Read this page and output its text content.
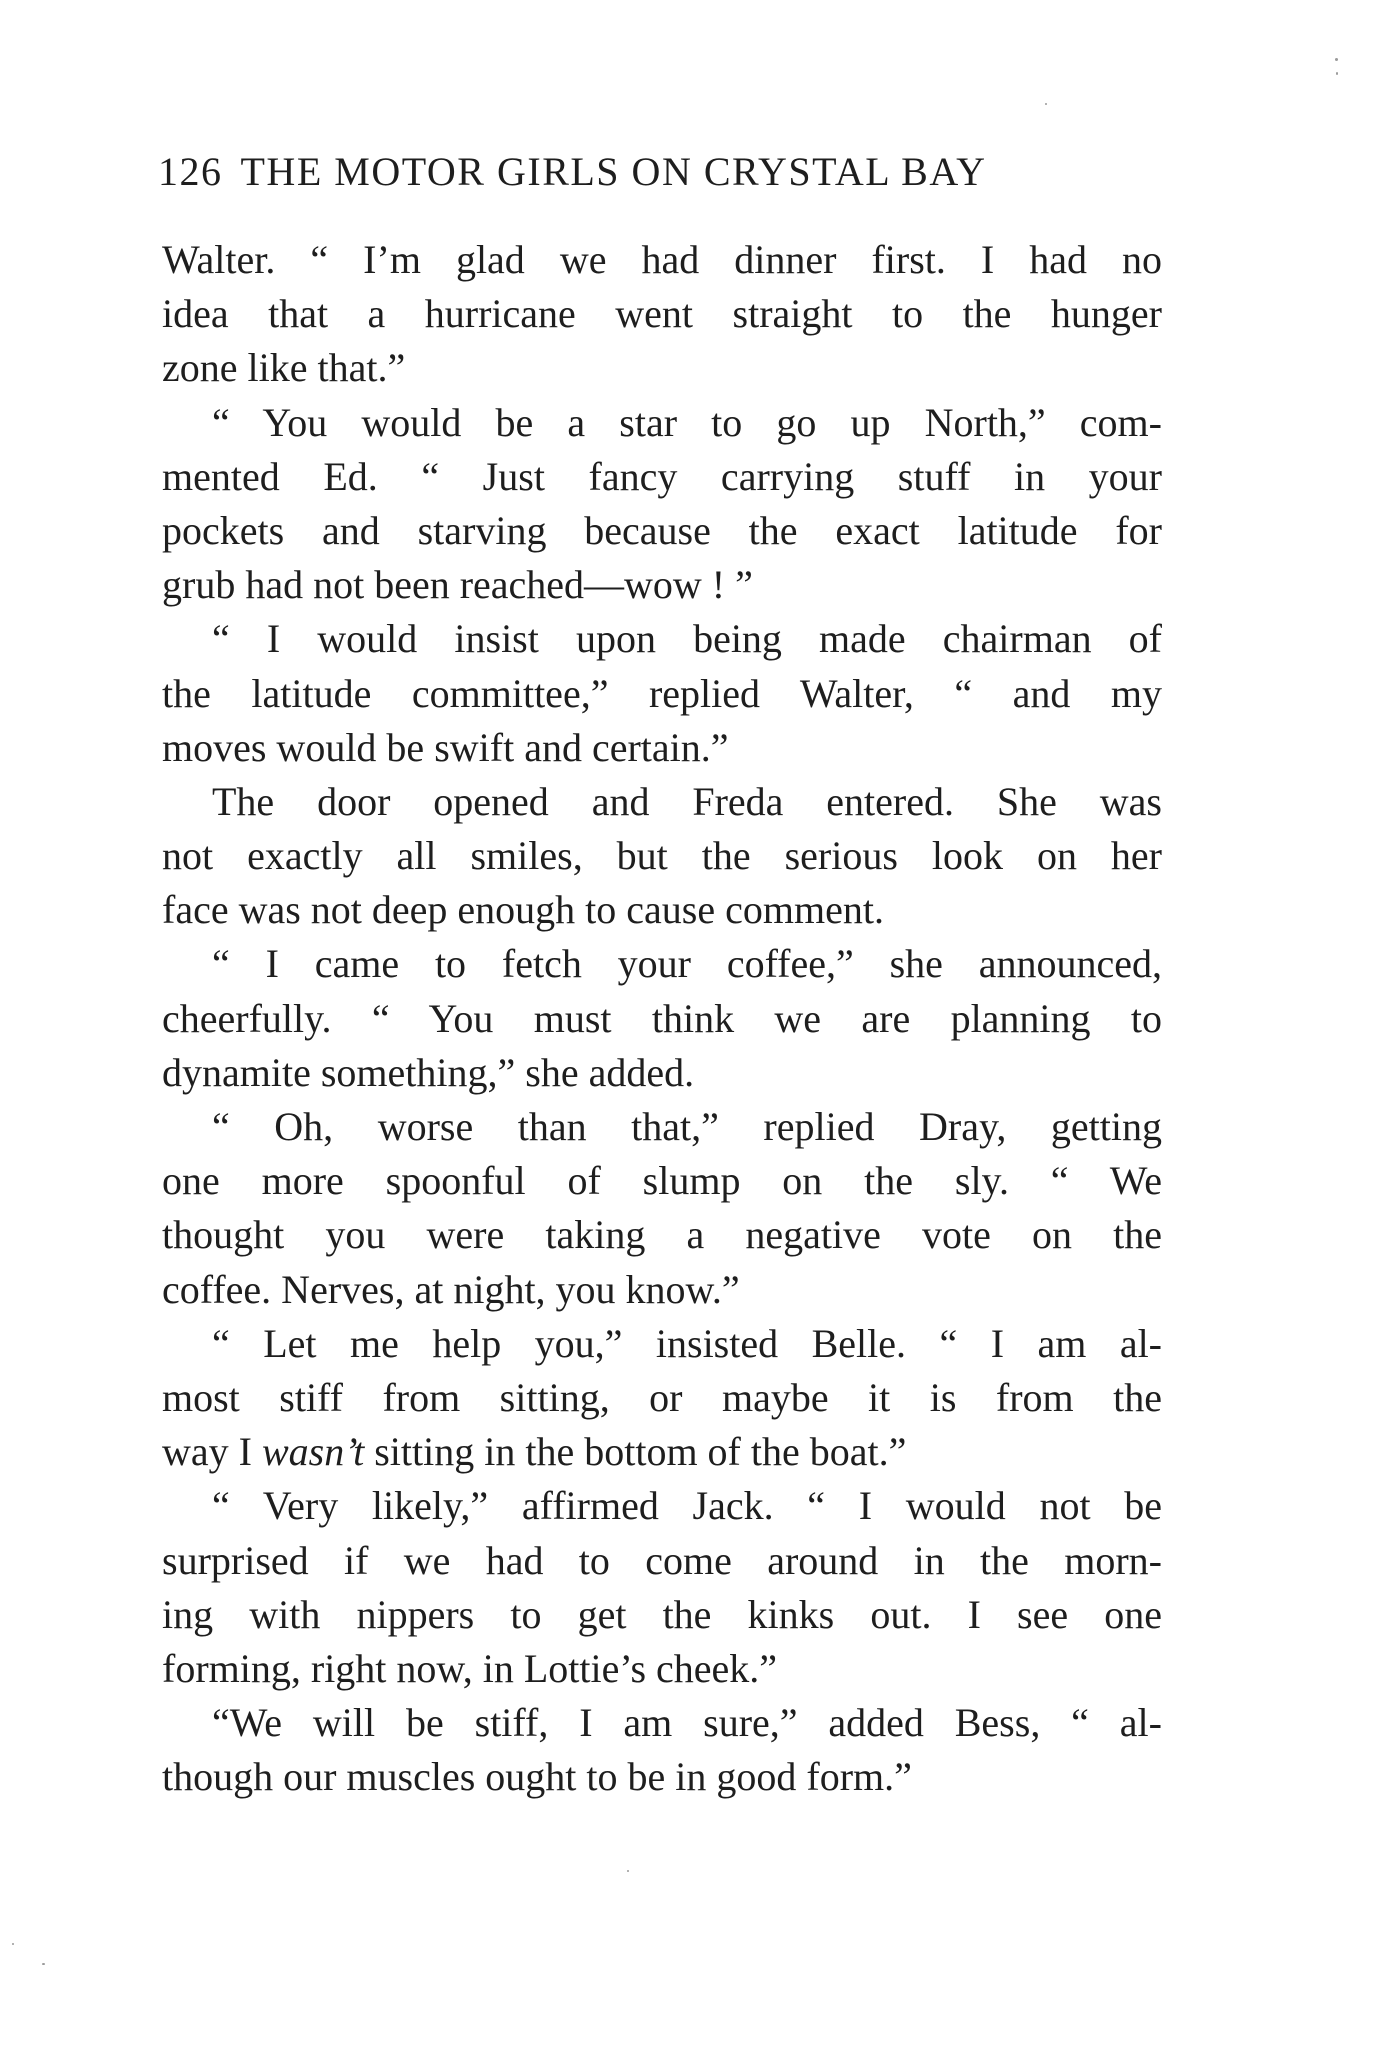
126 THE MOTOR GIRLS ON CRYSTAL BAY
Walter. “ I’m glad we had dinner first. I had no
idea that a hurricane went straight to the hunger
zone like that.”
“ You would be a star to go up North,” com-
mented Ed. “ Just fancy carrying stuff in your
pockets and starving because the exact latitude for
grub had not been reached—wow ! ”
“ I would insist upon being made chairman of
the latitude committee,” replied Walter, “ and my
moves would be swift and certain.”
The door opened and Freda entered. She was
not exactly all smiles, but the serious look on her
face was not deep enough to cause comment.
“ I came to fetch your coffee,” she announced,
cheerfully. “ You must think we are planning to
dynamite something,” she added.
“ Oh, worse than that,” replied Dray, getting
one more spoonful of slump on the sly. “ We
thought you were taking a negative vote on the
coffee. Nerves, at night, you know.”
“ Let me help you,” insisted Belle. “ I am al-
most stiff from sitting, or maybe it is from the
way I wasn’t sitting in the bottom of the boat.”
“ Very likely,” affirmed Jack. “ I would not be
surprised if we had to come around in the morn-
ing with nippers to get the kinks out. I see one
forming, right now, in Lottie’s cheek.”
“We will be stiff, I am sure,” added Bess, “ al-
though our muscles ought to be in good form.”
